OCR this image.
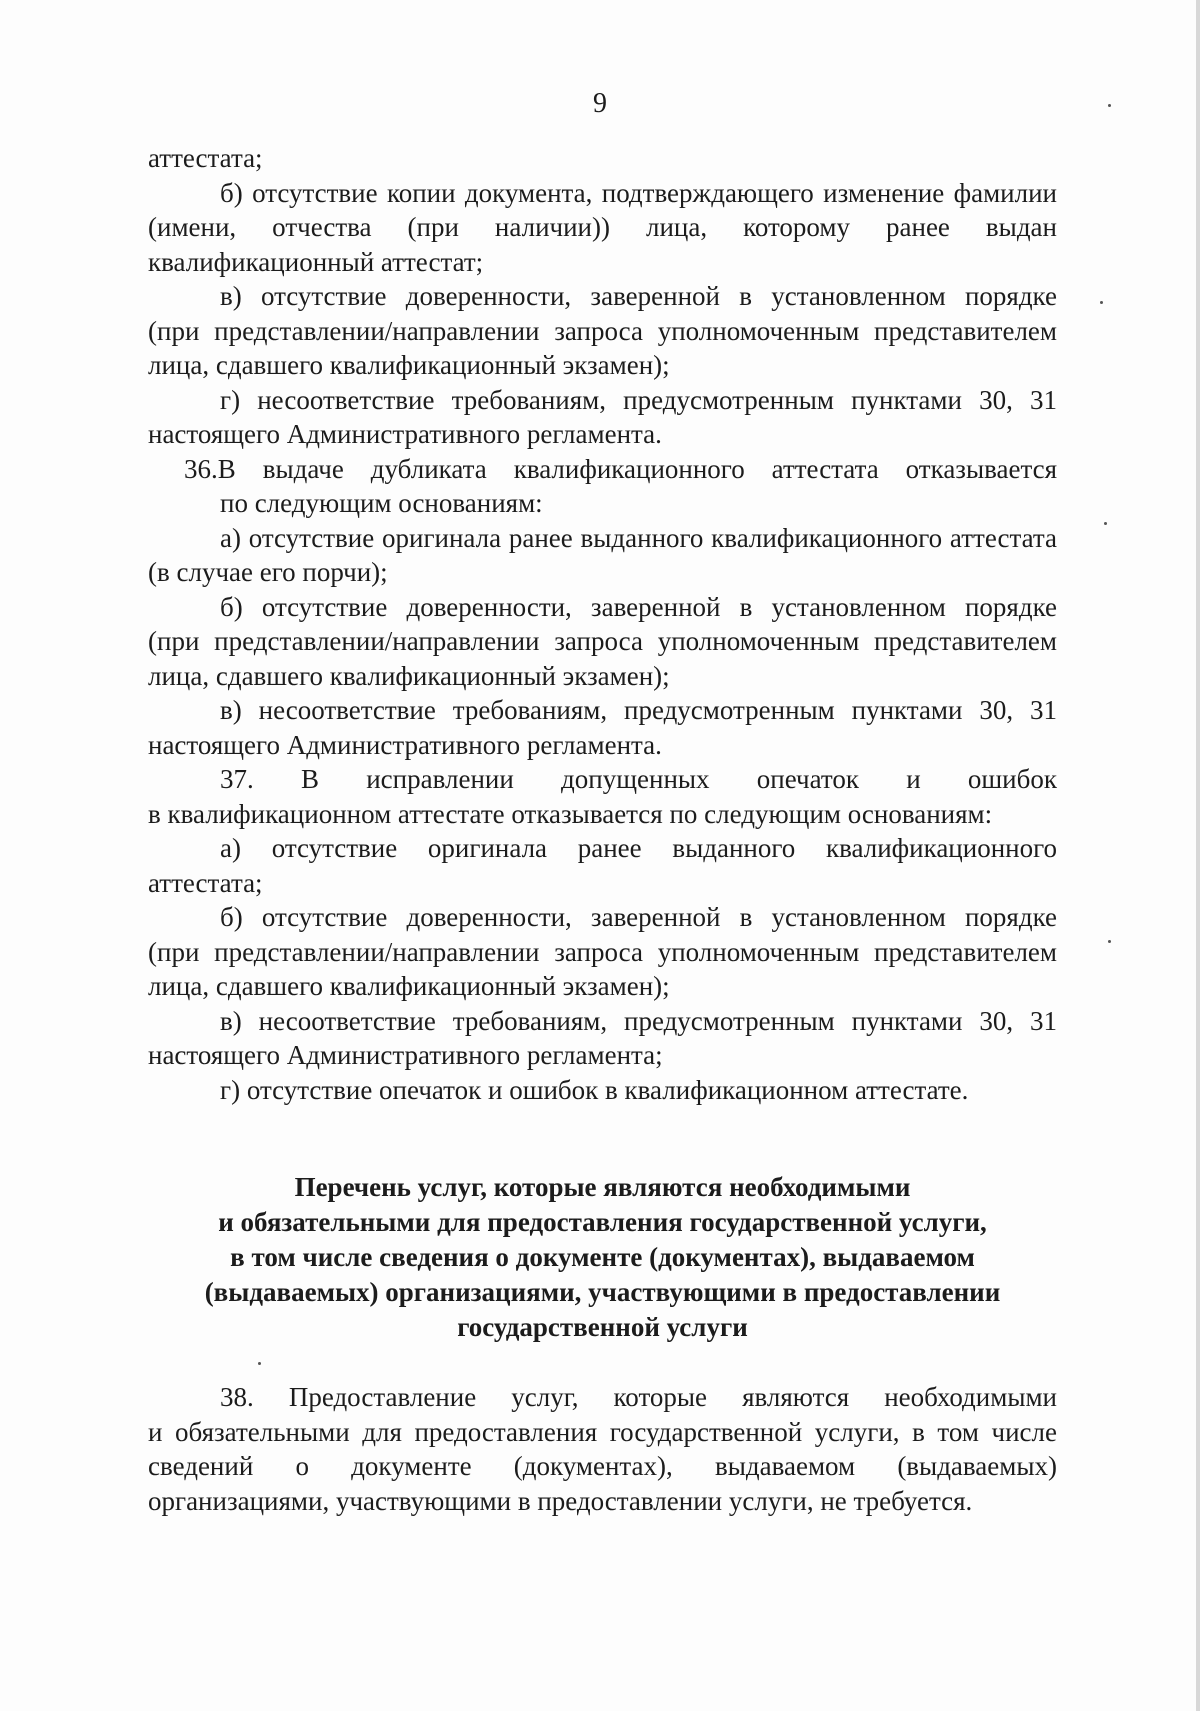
9
аттестата;
б) отсутствие копии документа, подтверждающего изменение фамилии
(имени, отчества (при наличии)) лица, которому ранее выдан
квалификационный аттестат;
в) отсутствие доверенности, заверенной в установленном порядке
(при представлении/направлении запроса уполномоченным представителем
лица, сдавшего квалификационный экзамен);
г) несоответствие требованиям, предусмотренным пунктами 30, 31
настоящего Административного регламента.
36.В выдаче дубликата квалификационного аттестата отказывается
по следующим основаниям:
а) отсутствие оригинала ранее выданного квалификационного аттестата
(в случае его порчи);
б) отсутствие доверенности, заверенной в установленном порядке
(при представлении/направлении запроса уполномоченным представителем
лица, сдавшего квалификационный экзамен);
в) несоответствие требованиям, предусмотренным пунктами 30, 31
настоящего Административного регламента.
37. В исправлении допущенных опечаток и ошибок
в квалификационном аттестате отказывается по следующим основаниям:
а) отсутствие оригинала ранее выданного квалификационного
аттестата;
б) отсутствие доверенности, заверенной в установленном порядке
(при представлении/направлении запроса уполномоченным представителем
лица, сдавшего квалификационный экзамен);
в) несоответствие требованиям, предусмотренным пунктами 30, 31
настоящего Административного регламента;
г) отсутствие опечаток и ошибок в квалификационном аттестате.
Перечень услуг, которые являются необходимыми
и обязательными для предоставления государственной услуги,
в том числе сведения о документе (документах), выдаваемом
(выдаваемых) организациями, участвующими в предоставлении
государственной услуги
38. Предоставление услуг, которые являются необходимыми
и обязательными для предоставления государственной услуги, в том числе
сведений о документе (документах), выдаваемом (выдаваемых)
организациями, участвующими в предоставлении услуги, не требуется.
